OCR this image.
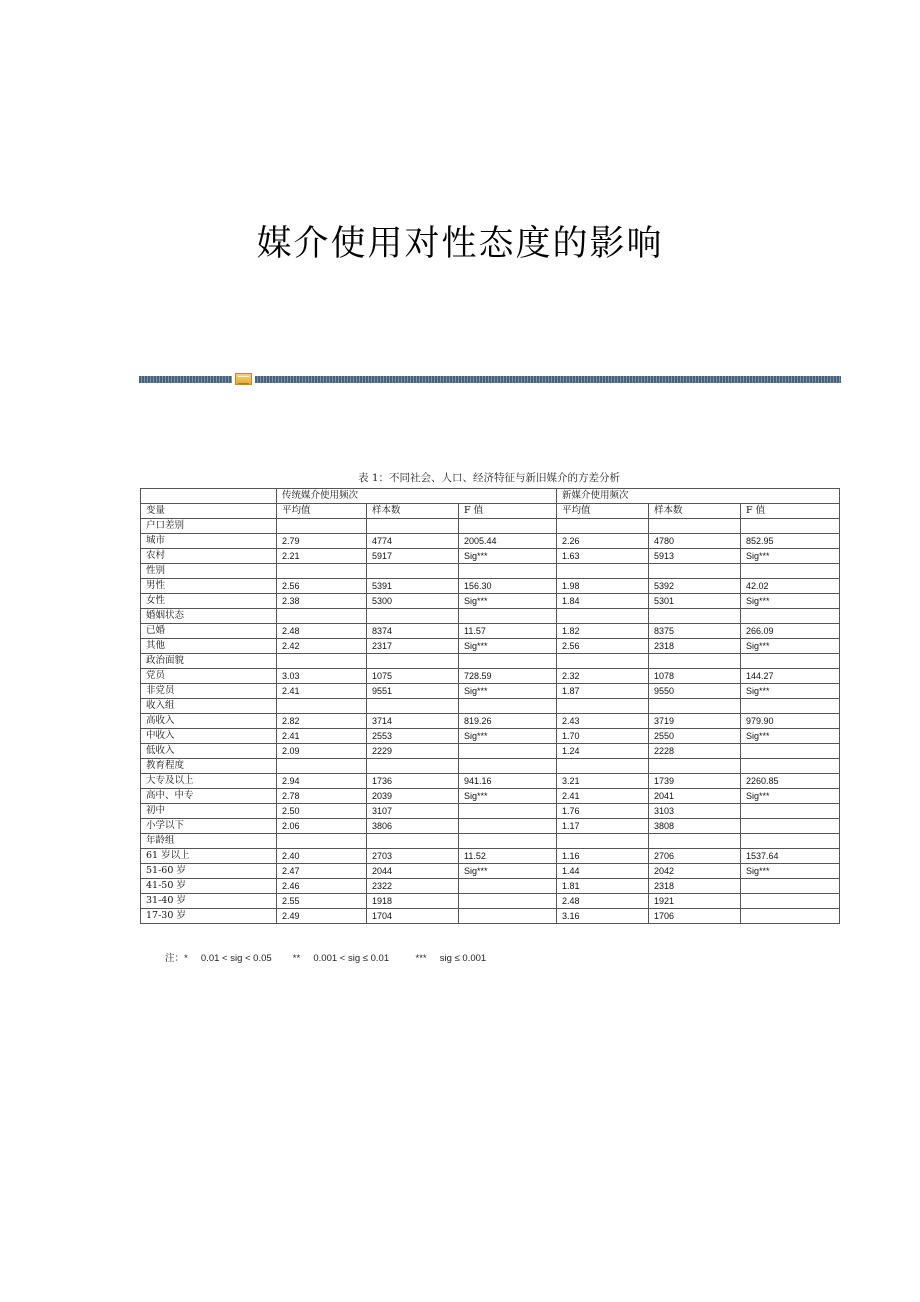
媒介使用对性态度的影响
表 1：不同社会、人口、经济特征与新旧媒介的方差分析
	传统媒介使用频次			新媒介使用频次		
变量	平均值	样本数	F 值	平均值	样本数	F 值
户口差别						
城市	2.79	4774	2005.44	2.26	4780	852.95
农村	2.21	5917	Sig***	1.63	5913	Sig***
性别						
男性	2.56	5391	156.30	1.98	5392	42.02
女性	2.38	5300	Sig***	1.84	5301	Sig***
婚姻状态						
已婚	2.48	8374	11.57	1.82	8375	266.09
其他	2.42	2317	Sig***	2.56	2318	Sig***
政治面貌						
党员	3.03	1075	728.59	2.32	1078	144.27
非党员	2.41	9551	Sig***	1.87	9550	Sig***
收入组						
高收入	2.82	3714	819.26	2.43	3719	979.90
中收入	2.41	2553	Sig***	1.70	2550	Sig***
低收入	2.09	2229		1.24	2228	
教育程度						
大专及以上	2.94	1736	941.16	3.21	1739	2260.85
高中、中专	2.78	2039	Sig***	2.41	2041	Sig***
初中	2.50	3107		1.76	3103	
小学以下	2.06	3806		1.17	3808	
年龄组						
61 岁以上	2.40	2703	11.52	1.16	2706	1537.64
51-60 岁	2.47	2044	Sig***	1.44	2042	Sig***
41-50 岁	2.46	2322		1.81	2318	
31-40 岁	2.55	1918		2.48	1921	
17-30 岁	2.49	1704		3.16	1706	
注：*     0.01 < sig < 0.05        **     0.001 < sig ≤ 0.01          ***     sig ≤ 0.001
